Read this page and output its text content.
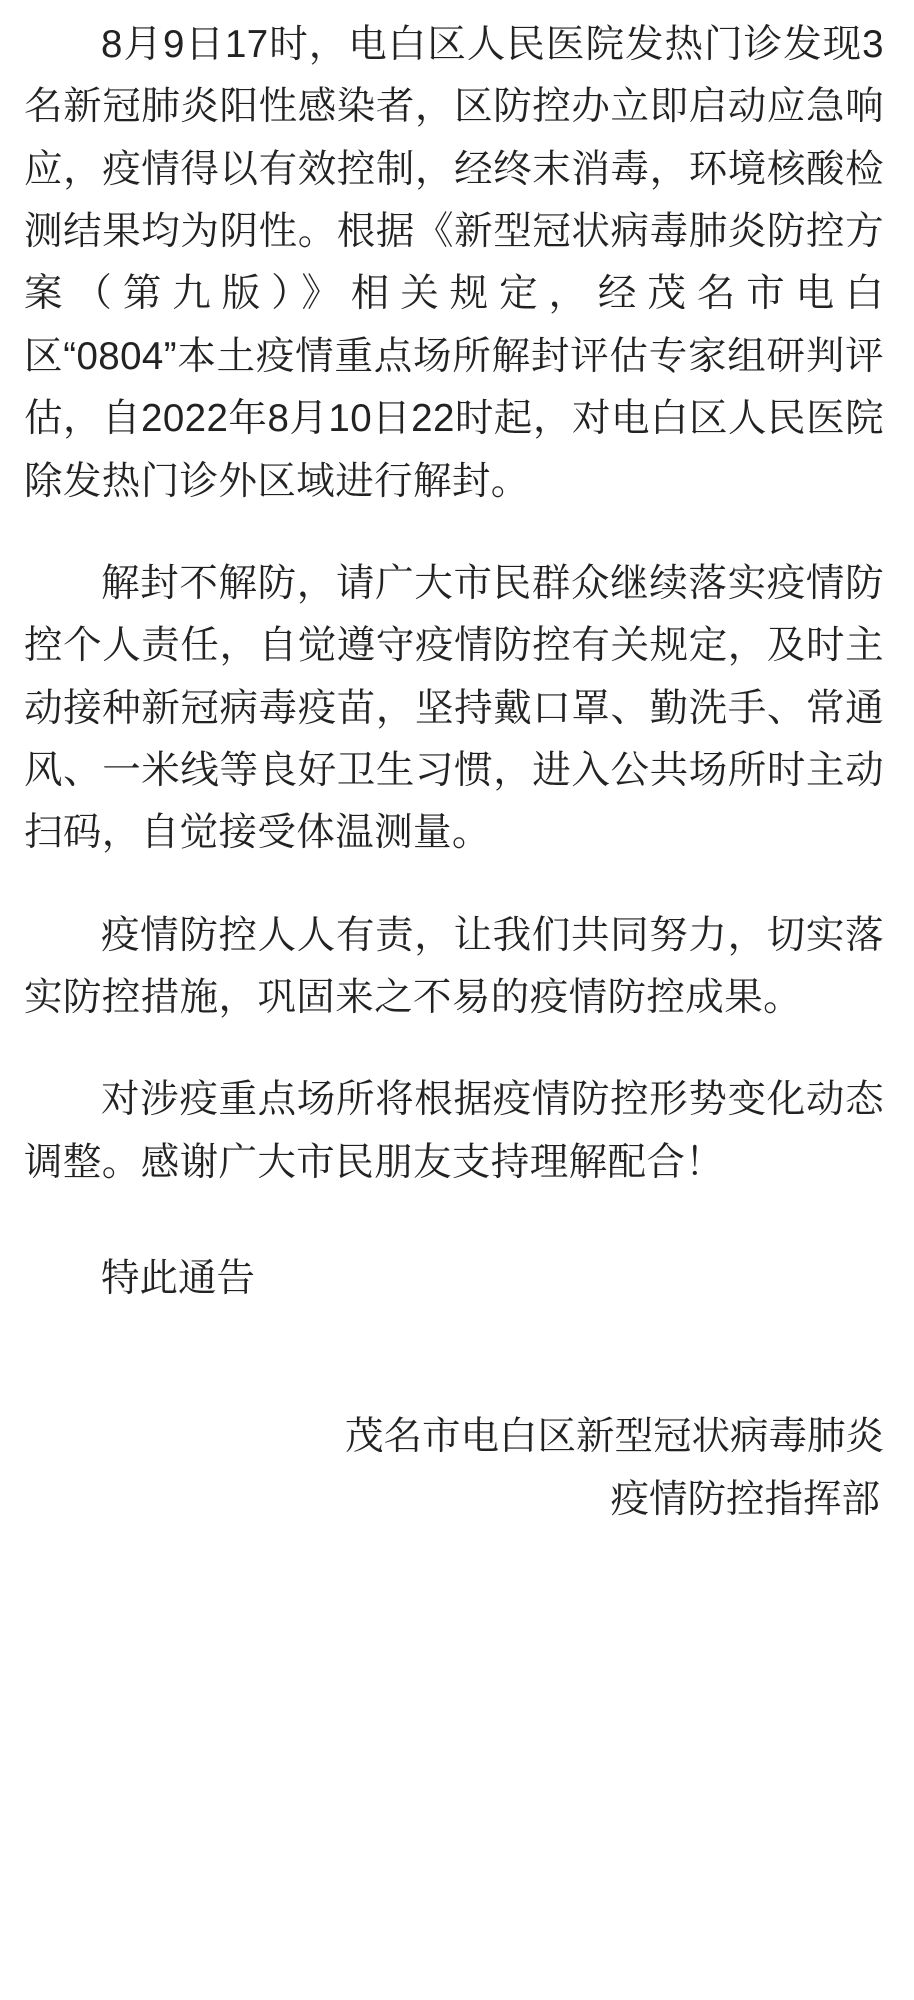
8月9日17时，电白区人民医院发热门诊发现3名新冠肺炎阳性感染者，区防控办立即启动应急响应，疫情得以有效控制，经终末消毒，环境核酸检测结果均为阴性。根据《新型冠状病毒肺炎防控方案（第九版）》相关规定，经茂名市电白区“0804”本土疫情重点场所解封评估专家组研判评估，自2022年8月10日22时起，对电白区人民医院除发热门诊外区域进行解封。

解封不解防，请广大市民群众继续落实疫情防控个人责任，自觉遵守疫情防控有关规定，及时主动接种新冠病毒疫苗，坚持戴口罩、勤洗手、常通风、一米线等良好卫生习惯，进入公共场所时主动扫码，自觉接受体温测量。

疫情防控人人有责，让我们共同努力，切实落实防控措施，巩固来之不易的疫情防控成果。

对涉疫重点场所将根据疫情防控形势变化动态调整。感谢广大市民朋友支持理解配合！

特此通告
茂名市电白区新型冠状病毒肺炎
疫情防控指挥部
